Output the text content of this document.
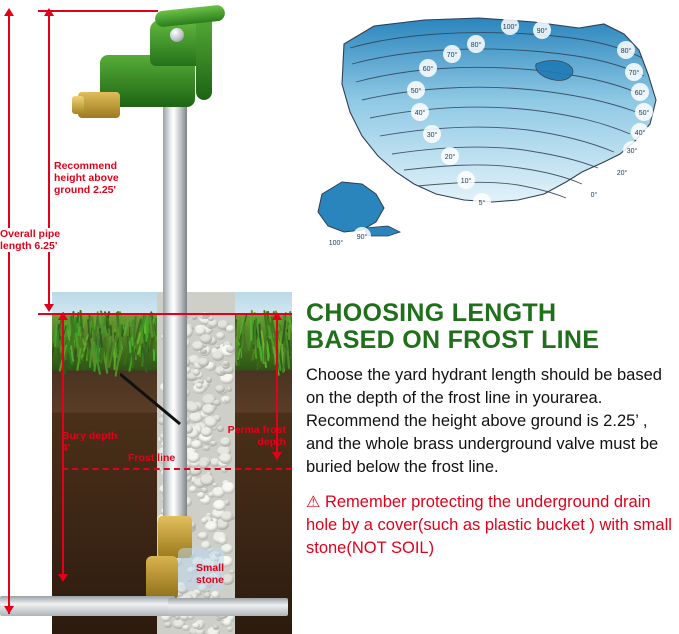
Recommend height above ground 2.25'
Overall pipe length 6.25'
Bury depth 4'
Perma frost depth
Frost line
Small stone
100°
90°
80°
70°
60°
50°
40°
30°
20°
10°
5°
0°
20°
30°
40°
50°
60°
70°
80°
100°
90°
CHOOSING LENGTH
BASED ON FROST LINE
Choose the yard hydrant length should be based on the depth of the frost line in yourarea. Recommend the height above ground is 2.25’ , and the whole brass underground valve must be buried below the frost line.
⚠ Remember protecting the underground drain hole by a cover(such as plastic bucket ) with small stone(NOT SOIL)
